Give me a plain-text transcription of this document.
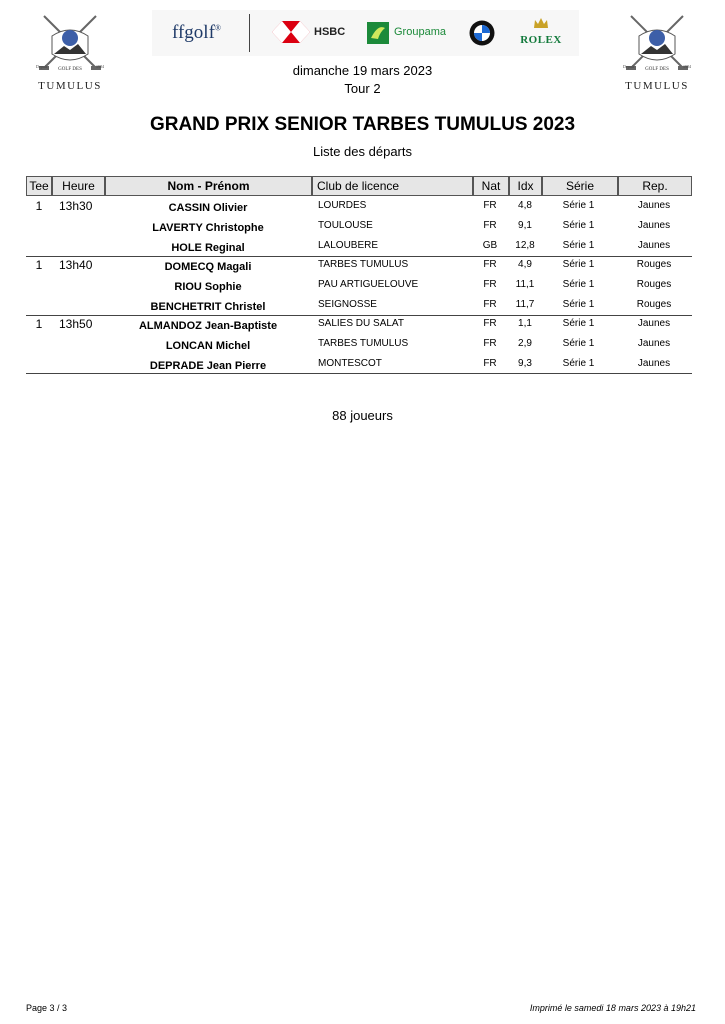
Depuis	1984
GOLF DES
TUMULUS
Depuis	1984
GOLF DES
TUMULUS
ffgolf®	HSBC	Groupama
ROLEX
dimanche 19 mars 2023
Tour 2
GRAND PRIX SENIOR TARBES TUMULUS 2023
Liste des départs
Tee	Heure	Nom - Prénom	Club de licence	Nat	Idx	Série	Rep.
1	13h30	CASSIN Olivier	LOURDES	FR	4,8	Série 1	Jaunes
LAVERTY Christophe	TOULOUSE	FR	9,1	Série 1	Jaunes
HOLE Reginal	LALOUBERE	GB	12,8	Série 1	Jaunes
1	13h40	DOMECQ Magali	TARBES TUMULUS	FR	4,9	Série 1	Rouges
RIOU Sophie	PAU ARTIGUELOUVE	FR	11,1	Série 1	Rouges
BENCHETRIT Christel	SEIGNOSSE	FR	11,7	Série 1	Rouges
1	13h50	ALMANDOZ Jean-Baptiste	SALIES DU SALAT	FR	1,1	Série 1	Jaunes
LONCAN Michel	TARBES TUMULUS	FR	2,9	Série 1	Jaunes
DEPRADE Jean Pierre	MONTESCOT	FR	9,3	Série 1	Jaunes
88 joueurs
Page 3 / 3	Imprimé le samedi 18 mars 2023 à 19h21
